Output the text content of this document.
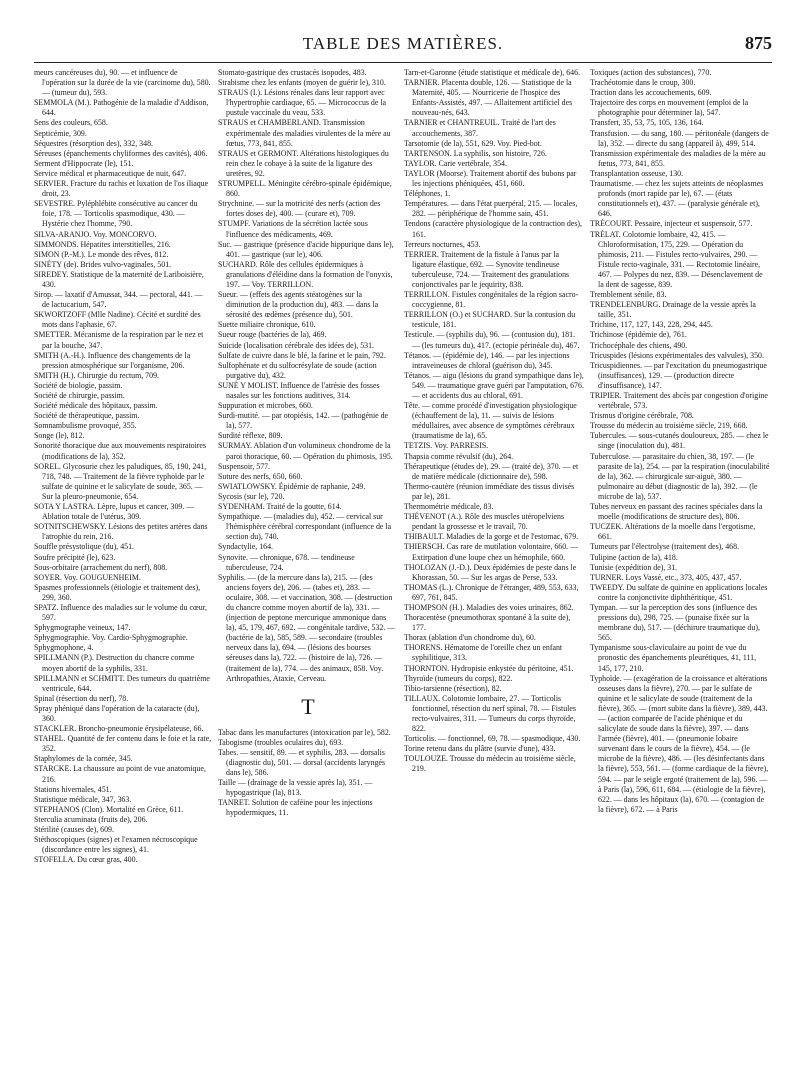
TABLE DES MATIÈRES.	875

meurs cancéreuses du), 90. — et influence de l'opération sur la durée de la vie (carcinome du), 580. — (tumeur du), 593.

SEMMOLA (M.). Pathogénie de la maladie d'Addison, 644.

Sens des couleurs, 658.

Septicémie, 309.

Séquestres (résorption des), 332, 348.

Séreuses (épanchements chyliformes des cavités), 406.

Serment d'Hippocrate (le), 151.

Service médical et pharmaceutique de nuit, 647.

SERVIER. Fracture du rachis et luxation de l'os iliaque droit, 23.

SEVESTRE. Pyléphlébite consécutive au cancer du foie, 178. — Torticolis spasmodique, 430. — Hystérie chez l'homme, 790.

SILVA-ARANJO. Voy. MONCORVO.

SIMMONDS. Hépatites interstitielles, 216.

SIMON (P.-M.). Le monde des rêves, 812.

SINÉTY (de). Brides vulvo-vaginales, 501.

SIREDEY. Statistique de la maternité de Lariboisière, 430.

Sirop. — laxatif d'Amussat, 344. — pectoral, 441. — de lactucarium, 547.

SKWORTZOFF (Mlle Nadine). Cécité et surdité des mots dans l'aphasie, 67.

SMETTER. Mécanisme de la respiration par le nez et par la bouche, 347.

SMITH (A.-H.). Influence des changements de la pression atmosphérique sur l'organisme, 206.

SMITH (H.). Chirurgie du rectum, 709.

Société de biologie, passim.

Société de chirurgie, passim.

Société médicale des hôpitaux, passim.

Société de thérapeutique, passim.

Somnambulisme provoqué, 355.

Songe (le), 812.

Sonorité thoracique due aux mouvements respiratoires (modifications de la), 352.

SOREL. Glycosurie chez les paludiques, 85, 190, 241, 718, 748. — Traitement de la fièvre typhoïde par le sulfate de quinine et le salicylate de soude, 365. — Sur la pleuro-pneumonie, 654.

SOTA Y LASTRA. Lèpre, lupus et cancer, 309. — Ablation totale de l'utérus, 309.

SOTNITSCHEWSKY. Lésions des petites artères dans l'atrophie du rein, 216.

Souffle présystolique (du), 451.

Soufre précipité (le), 623.

Sous-orbitaire (arrachement du nerf), 808.

SOYER. Voy. GOUGUENHEIM.

Spasmes professionnels (étiologie et traitement des), 299, 360.

SPATZ. Influence des maladies sur le volume du cœur, 597.

Sphygmographe veineux, 147.

Sphygmographie. Voy. Cardio-Sphygmographie.

Sphygmophone, 4.

SPILLMANN (P.). Destruction du chancre comme moyen abortif de la syphilis, 331.

SPILLMANN et SCHMITT. Des tumeurs du quatrième ventricule, 644.

Spinal (résection du nerf), 78.

Spray phéniqué dans l'opération de la cataracte (du), 360.

STACKLER. Broncho-pneumonie érysipélateuse, 66.

STAHEL. Quantité de fer contenu dans le foie et la rate, 352.

Staphylomes de la cornée, 345.

STARCKE. La chaussure au point de vue anatomique, 216.

Stations hivernales, 451.

Statistique médicale, 347, 363.

STEPHANOS (Clon). Mortalité en Grèce, 611.

Sterculia acuminata (fruits de), 206.

Stérilité (causes de), 609.

Stéthoscopiques (signes) et l'examen nécroscopique (discordance entre les signes), 41.

STOFELLA. Du cœur gras, 400.

Stomato-gastrique des crustacés isopodes, 483.

Strabisme chez les enfants (moyen de guérir le), 310.

STRAUS (I.). Lésions rénales dans leur rapport avec l'hypertrophie cardiaque, 65. — Micrococcus de la pustule vaccinale du veau, 533.

STRAUS et CHAMBERLAND. Transmission expérimentale des maladies virulentes de la mère au fœtus, 773, 841, 855.

STRAUS et GERMONT. Altérations histologiques du rein chez le cobaye à la suite de la ligature des uretères, 92.

STRUMPELL. Méningite cérébro-spinale épidémique, 860.

Strychnine. — sur la motricité des nerfs (action des fortes doses de), 400. — (curare et), 709.

STUMPF. Variations de la sécrétion lactée sous l'influence des médicaments, 469.

Suc. — gastrique (présence d'acide hippurique dans le), 401. — gastrique (sur le), 406.

SUCHARD. Rôle des cellules épidermiques à granulations d'éléidine dans la formation de l'onyxis, 197. — Voy. TERRILLON.

Sueur. — (effets des agents stéatogènes sur la diminution de la production du), 483. — dans la sérosité des œdèmes (présence du), 501.

Suette miliaire chronique, 610.

Sueur rouge (bactéries de la), 469.

Suicide (localisation cérébrale des idées de), 531.

Sulfate de cuivre dans le blé, la farine et le pain, 792.

Sulfophénate et du sulfocrésylate de soude (action purgative du), 432.

SUNÉ Y MOLIST. Influence de l'atrésie des fosses nasales sur les fonctions auditives, 314.

Suppuration et microbes, 660.

Surdi-mutité. — par otopiésis, 142. — (pathogénie de la), 577.

Surdité réflexe, 809.

SURMAY. Ablation d'un volumineux chondrome de la paroi thoracique, 60. — Opération du phimosis, 195.

Suspensoir, 577.

Suture des nerfs, 650, 660.

SWIATLOWSKY. Épidémie de raphanie, 249.

Sycosis (sur le), 720.

SYDENHAM. Traité de la goutte, 614.

Sympathique. — (maladies du), 452. — cervical sur l'hémisphère cérébral correspondant (influence de la section du), 740.

Syndactylie, 164.

Synovite. — chronique, 678. — tendineuse tuberculeuse, 724.

Syphilis. — (de la mercure dans la), 215. — (des anciens foyers de), 206. — (tabes et), 283. — oculaire, 308. — et vaccination, 308. — (destruction du chancre comme moyen abortif de la), 331. — (injection de peptone mercurique ammonique dans la), 45, 179, 467, 692. — congénitale tardive, 532. — (bactérie de la), 585, 589. — secondaire (troubles nerveux dans la), 694. — (lésions des bourses séreuses dans la), 722. — (histoire de la), 726. — (traitement de la), 774. — des animaux, 858. Voy. Arthropathies, Ataxie, Cerveau.

T

Tabac dans les manufactures (intoxication par le), 582.

Tabogisme (troubles oculaires du), 693.

Tabes. — sensitif, 89. — et syphilis, 283. — dorsalis (diagnostic du), 501. — dorsal (accidents laryngés dans le), 586.

Taille — (drainage de la vessie après la), 351. — hypogastrique (la), 813.

TANRET. Solution de caféine pour les injections hypodermiques, 11.

Tarn-et-Garonne (étude statistique et médicale de), 646.

TARNIER. Placenta double, 126. — Statistique de la Maternité, 405. — Nourricerie de l'hospice des Enfants-Assistés, 497. — Allaitement artificiel des nouveau-nés, 643.

TARNIER et CHANTREUIL. Traité de l'art des accouchements, 387.

Tarsotomie (de la), 551, 629. Voy. Pied-bot.

TARTENSON. La syphilis, son histoire, 726.

TAYLOR. Carie vertébrale, 354.

TAYLOR (Moorse). Traitement abortif des bubons par les injections phéniquées, 451, 660.

Téléphones, 1.

Températures. — dans l'état puerpéral, 215. — locales, 282. — périphérique de l'homme sain, 451.

Tendons (caractère physiologique de la contraction des), 161.

Terreurs nocturnes, 453.

TERRIER. Traitement de la fistule à l'anus par la ligature élastique, 692. — Synovite tendineuse tuberculeuse, 724. — Traitement des granulations conjonctivales par le jequirity, 838.

TERRILLON. Fistules congénitales de la région sacro-coccygienne, 81.

TERRILLON (O.) et SUCHARD. Sur la contusion du testicule, 181.

Testicule. — (syphilis du), 96. — (contusion du), 181. — (les tumeurs du), 417. (ectopie périnéale du), 467.

Tétanos. — (épidémie de), 146. — par les injections intraveineuses de chloral (guérison du), 345.

Tétanos. — aigu (lésions du grand sympathique dans le), 549. — traumatique grave guéri par l'amputation, 676. — et accidents dus au chloral, 691.

Tête. — comme procédé d'investigation physiologique (échauffement de la), 11. — suivis de lésions médullaires, avec absence de symptômes cérébraux (traumatisme de la), 65.

TETZIS. Voy. PARRESIS.

Thapsia comme révulsif (du), 264.

Thérapeutique (études de), 29. — (traité de), 370. — et de matière médicale (dictionnaire de), 598.

Thermo-cautère (réunion immédiate des tissus divisés par le), 281.

Thermométrie médicale, 83.

THÉVENOT (A.). Rôle des muscles utéropelviens pendant la grossesse et le travail, 70.

THIBAULT. Maladies de la gorge et de l'estomac, 679.

THIERSCH. Cas rare de mutilation volontaire, 660. — Extirpation d'une loupe chez un hémophile, 660.

THOLOZAN (J.-D.). Deux épidémies de peste dans le Khorassan, 50. — Sur les argas de Perse, 533.

THOMAS (L.). Chronique de l'étranger, 489, 553, 633, 697, 761, 845.

THOMPSON (H.). Maladies des voies urinaires, 862.

Thoracentèse (pneumothorax spontané à la suite de), 177.

Thorax (ablation d'un chondrome du), 60.

THORENS. Hématome de l'oreille chez un enfant syphilitique, 313.

THORNTON. Hydropisie enkystée du péritoine, 451.

Thyroïde (tumeurs du corps), 822.

Tibio-tarsienne (résection), 82.

TILLAUX. Colotomie lombaire, 27. — Torticolis fonctionnel, résection du nerf spinal, 78. — Fistules recto-vulvaires, 311. — Tumeurs du corps thyroïde, 822.

Torticolis. — fonctionnel, 69, 78. — spasmodique, 430.

Torine retenu dans du plâtre (survie d'une), 433.

TOULOUZE. Trousse du médecin au troisième siècle, 219.

Toxiques (action des substances), 770.

Trachéotomie dans le croup, 300.

Traction dans les accouchements, 609.

Trajectoire des corps en mouvement (emploi de la photographie pour déterminer la), 547.

Transfert, 35, 53, 75, 105, 136, 164.

Transfusion. — du sang, 180. — péritonéale (dangers de la), 352. — directe du sang (appareil à), 499, 514.

Transmission expérimentale des maladies de la mère au fœtus, 773, 841, 855.

Transplantation osseuse, 130.

Traumatisme. — chez les sujets atteints de néoplasmes profonds (mort rapide par le), 67. — (états constitutionnels et), 437. — (paralysie générale et), 646.

TRÉCOURT. Pessaire, injecteur et suspensoir, 577.

TRÉLAT. Colotomie lombaire, 42, 415. — Chloroformisation, 175, 229. — Opération du phimosis, 211. — Fistules recto-vulvaires, 290. — Fistule recto-vaginale, 331. — Rectotomie linéaire, 467. — Polypes du nez, 839. — Désenclavement de la dent de sagesse, 839.

Tremblement sénile, 83.

TRENDELENBURG. Drainage de la vessie après la taille, 351.

Trichine, 117, 127, 143, 228, 294, 445.

Trichinose (épidémie de), 761.

Trichocéphale des chiens, 490.

Tricuspides (lésions expérimentales des valvules), 350.

Tricuspidiennes. — par l'excitation du pneumogastrique (insuffisances), 129. — (production directe d'insuffisance), 147.

TRIPIER. Traitement des abcès par congestion d'origine vertébrale, 573.

Trismus d'origine cérébrale, 708.

Trousse du médecin au troisième siècle, 219, 668.

Tubercules. — sous-cutanés douloureux, 285. — chez le singe (inoculation du), 481.

Tuberculose. — parasitaire du chien, 38, 197. — (le parasite de la), 254. — par la respiration (inoculabilité de la), 362. — chirurgicale sur-aiguë, 380. — pulmonaire au début (diagnostic de la), 392. — (le microbe de la), 537.

Tubes nerveux en passant des racines spéciales dans la moelle (modifications de structure des), 806.

TUCZEK. Altérations de la moelle dans l'ergotisme, 661.

Tumeurs par l'électrolyse (traitement des), 468.

Tulipine (action de la), 418.

Tunisie (expédition de), 31.

TURNER. Loys Vassé, etc., 373, 405, 437, 457.

TWEEDY. Du sulfate de quinine en applications locales contre la conjonctivite diphthéritique, 451.

Tympan. — sur la perception des sons (influence des pressions du), 298, 725. — (punaise fixée sur la membrane du), 517. — (déchirure traumatique du), 565.

Tympanisme sous-claviculaire au point de vue du pronostic des épanchements pleurétiques, 41, 111, 145, 177, 210.

Typhoïde. — (exagération de la croissance et altérations osseuses dans la fièvre), 270. — par le sulfate de quinine et le salicylate de soude (traitement de la fièvre), 365. — (mort subite dans la fièvre), 389, 443. — (action comparée de l'acide phénique et du salicylate de soude dans la fièvre), 397. — dans l'armée (fièvre), 401. — (pneumonie lobaire survenant dans le cours de la fièvre), 454. — (le microbe de la fièvre), 486. — (les désinfectants dans la fièvre), 553, 561. — (forme cardiaque de la fièvre), 594. — par le seigle ergoté (traitement de la), 596. — à Paris (la), 596, 611, 684. — (étiologie de la fièvre), 622. — dans les hôpitaux (la), 670. — (contagion de la fièvre), 672. — à Paris
